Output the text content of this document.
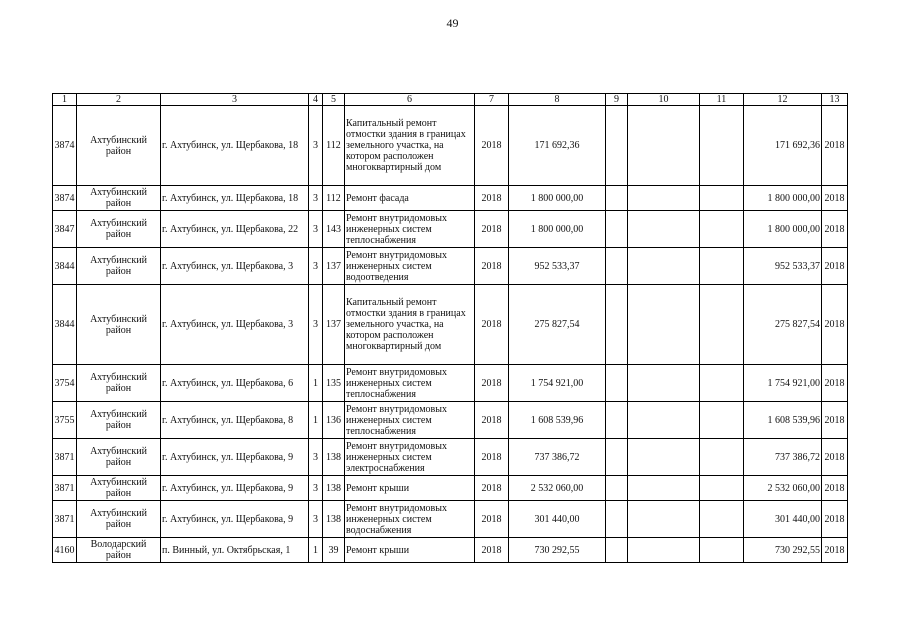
49
1	2	3	4	5	6	7	8	9	10	11	12	13
3874	Ахтубинский район	г. Ахтубинск, ул. Щербакова, 18	3	112	Капитальный ремонт отмостки здания в границах земельного участка, на котором расположен многоквартирный дом	2018	171 692,36				171 692,36	2018
3874	Ахтубинский район	г. Ахтубинск, ул. Щербакова, 18	3	112	Ремонт фасада	2018	1 800 000,00				1 800 000,00	2018
3847	Ахтубинский район	г. Ахтубинск, ул. Щербакова, 22	3	143	Ремонт внутридомовых инженерных систем теплоснабжения	2018	1 800 000,00				1 800 000,00	2018
3844	Ахтубинский район	г. Ахтубинск, ул. Щербакова, 3	3	137	Ремонт внутридомовых инженерных систем водоотведения	2018	952 533,37				952 533,37	2018
3844	Ахтубинский район	г. Ахтубинск, ул. Щербакова, 3	3	137	Капитальный ремонт отмостки здания в границах земельного участка, на котором расположен многоквартирный дом	2018	275 827,54				275 827,54	2018
3754	Ахтубинский район	г. Ахтубинск, ул. Щербакова, 6	1	135	Ремонт внутридомовых инженерных систем теплоснабжения	2018	1 754 921,00				1 754 921,00	2018
3755	Ахтубинский район	г. Ахтубинск, ул. Щербакова, 8	1	136	Ремонт внутридомовых инженерных систем теплоснабжения	2018	1 608 539,96				1 608 539,96	2018
3871	Ахтубинский район	г. Ахтубинск, ул. Щербакова, 9	3	138	Ремонт внутридомовых инженерных систем электроснабжения	2018	737 386,72				737 386,72	2018
3871	Ахтубинский район	г. Ахтубинск, ул. Щербакова, 9	3	138	Ремонт крыши	2018	2 532 060,00				2 532 060,00	2018
3871	Ахтубинский район	г. Ахтубинск, ул. Щербакова, 9	3	138	Ремонт внутридомовых инженерных систем водоснабжения	2018	301 440,00				301 440,00	2018
4160	Володарский район	п. Винный, ул. Октябрьская, 1	1	39	Ремонт крыши	2018	730 292,55				730 292,55	2018
